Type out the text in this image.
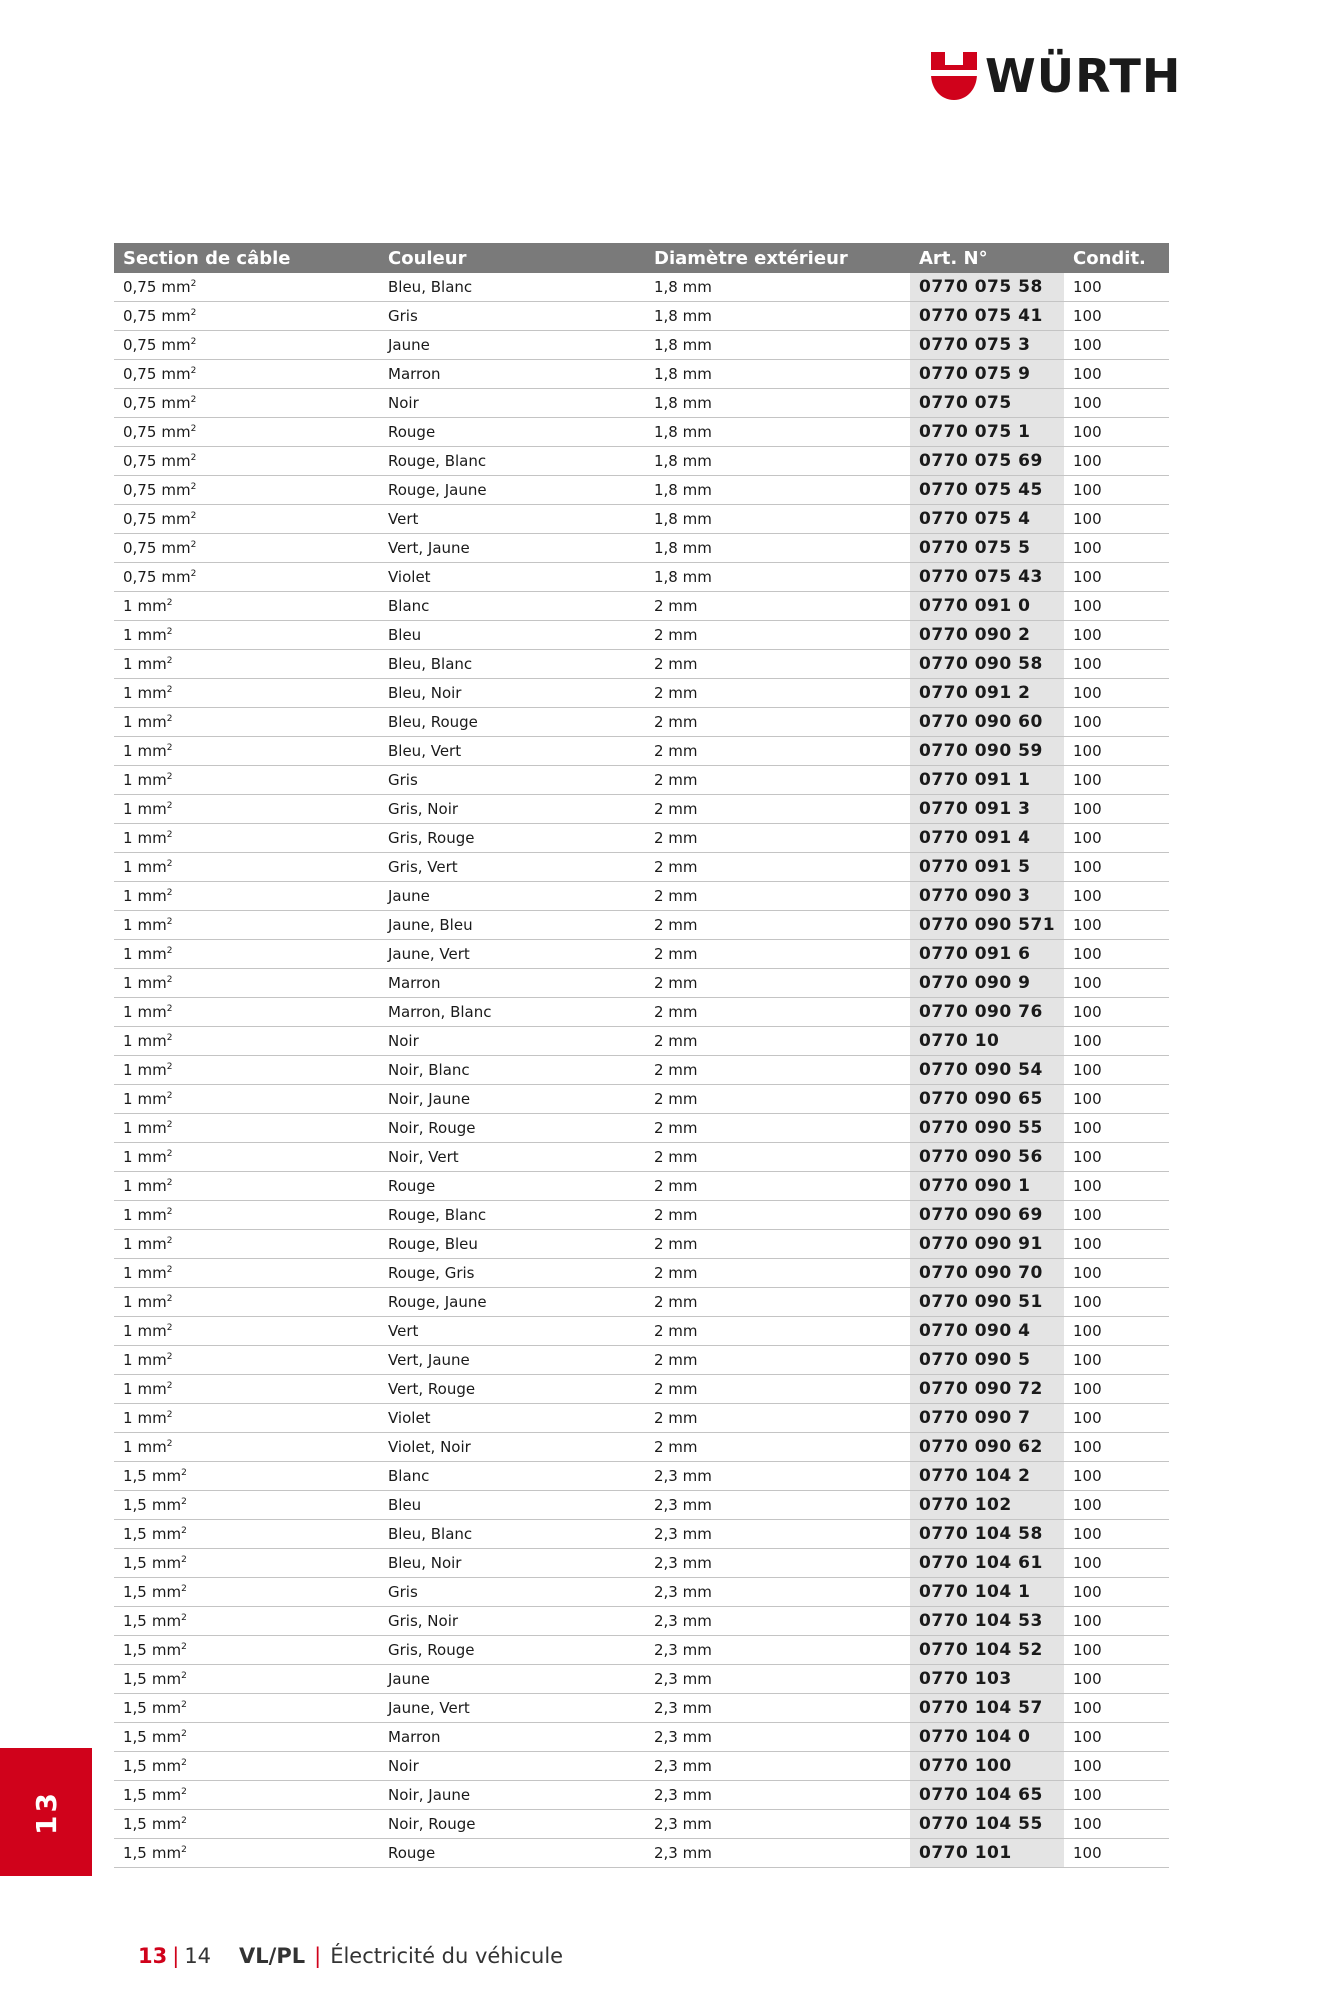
WÜRTH
Section de câble	Couleur	Diamètre extérieur	Art. N°	Condit.
0,75 $mm^2$	Bleu, Blanc	1,8 mm	0770 075 58	100
0,75 $mm^2$	Gris	1,8 mm	0770 075 41	100
0,75 $mm^2$	Jaune	1,8 mm	0770 075 3	100
0,75 $mm^2$	Marron	1,8 mm	0770 075 9	100
0,75 $mm^2$	Noir	1,8 mm	0770 075	100
0,75 $mm^2$	Rouge	1,8 mm	0770 075 1	100
0,75 $mm^2$	Rouge, Blanc	1,8 mm	0770 075 69	100
0,75 $mm^2$	Rouge, Jaune	1,8 mm	0770 075 45	100
0,75 $mm^2$	Vert	1,8 mm	0770 075 4	100
0,75 $mm^2$	Vert, Jaune	1,8 mm	0770 075 5	100
0,75 $mm^2$	Violet	1,8 mm	0770 075 43	100
1 $mm^2$	Blanc	2 mm	0770 091 0	100
1 $mm^2$	Bleu	2 mm	0770 090 2	100
1 $mm^2$	Bleu, Blanc	2 mm	0770 090 58	100
1 $mm^2$	Bleu, Noir	2 mm	0770 091 2	100
1 $mm^2$	Bleu, Rouge	2 mm	0770 090 60	100
1 $mm^2$	Bleu, Vert	2 mm	0770 090 59	100
1 $mm^2$	Gris	2 mm	0770 091 1	100
1 $mm^2$	Gris, Noir	2 mm	0770 091 3	100
1 $mm^2$	Gris, Rouge	2 mm	0770 091 4	100
1 $mm^2$	Gris, Vert	2 mm	0770 091 5	100
1 $mm^2$	Jaune	2 mm	0770 090 3	100
1 $mm^2$	Jaune, Bleu	2 mm	0770 090 571	100
1 $mm^2$	Jaune, Vert	2 mm	0770 091 6	100
1 $mm^2$	Marron	2 mm	0770 090 9	100
1 $mm^2$	Marron, Blanc	2 mm	0770 090 76	100
1 $mm^2$	Noir	2 mm	0770 10	100
1 $mm^2$	Noir, Blanc	2 mm	0770 090 54	100
1 $mm^2$	Noir, Jaune	2 mm	0770 090 65	100
1 $mm^2$	Noir, Rouge	2 mm	0770 090 55	100
1 $mm^2$	Noir, Vert	2 mm	0770 090 56	100
1 $mm^2$	Rouge	2 mm	0770 090 1	100
1 $mm^2$	Rouge, Blanc	2 mm	0770 090 69	100
1 $mm^2$	Rouge, Bleu	2 mm	0770 090 91	100
1 $mm^2$	Rouge, Gris	2 mm	0770 090 70	100
1 $mm^2$	Rouge, Jaune	2 mm	0770 090 51	100
1 $mm^2$	Vert	2 mm	0770 090 4	100
1 $mm^2$	Vert, Jaune	2 mm	0770 090 5	100
1 $mm^2$	Vert, Rouge	2 mm	0770 090 72	100
1 $mm^2$	Violet	2 mm	0770 090 7	100
1 $mm^2$	Violet, Noir	2 mm	0770 090 62	100
1,5 $mm^2$	Blanc	2,3 mm	0770 104 2	100
1,5 $mm^2$	Bleu	2,3 mm	0770 102	100
1,5 $mm^2$	Bleu, Blanc	2,3 mm	0770 104 58	100
1,5 $mm^2$	Bleu, Noir	2,3 mm	0770 104 61	100
1,5 $mm^2$	Gris	2,3 mm	0770 104 1	100
1,5 $mm^2$	Gris, Noir	2,3 mm	0770 104 53	100
1,5 $mm^2$	Gris, Rouge	2,3 mm	0770 104 52	100
1,5 $mm^2$	Jaune	2,3 mm	0770 103	100
1,5 $mm^2$	Jaune, Vert	2,3 mm	0770 104 57	100
1,5 $mm^2$	Marron	2,3 mm	0770 104 0	100
1,5 $mm^2$	Noir	2,3 mm	0770 100	100
1,5 $mm^2$	Noir, Jaune	2,3 mm	0770 104 65	100
1,5 $mm^2$	Noir, Rouge	2,3 mm	0770 104 55	100
1,5 $mm^2$	Rouge	2,3 mm	0770 101	100
13
13 | 14 VL/PL | Électricité du véhicule
